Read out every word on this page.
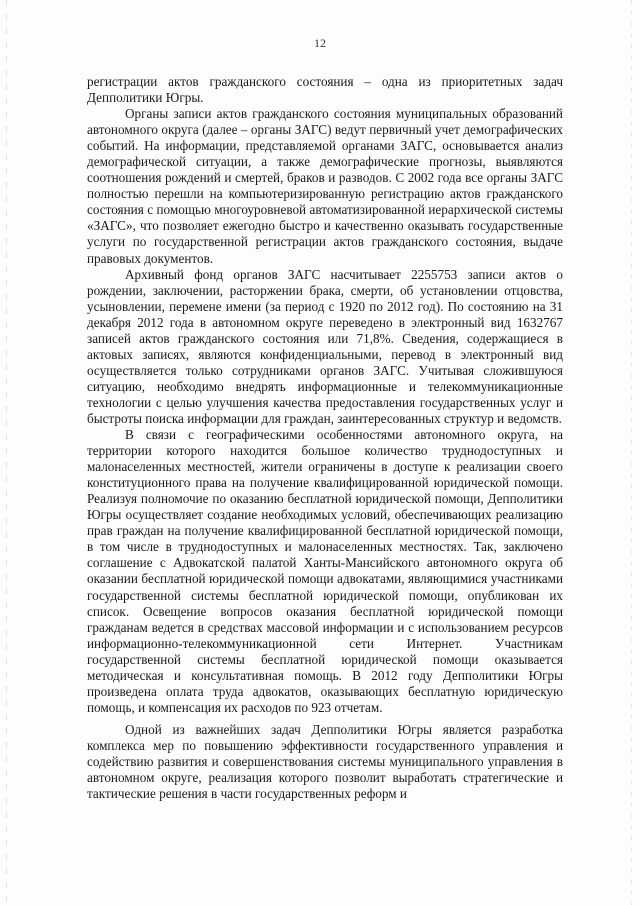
12

регистрации актов гражданского состояния – одна из приоритетных задач Депполитики Югры.

Органы записи актов гражданского состояния муниципальных образований автономного округа (далее – органы ЗАГС) ведут первичный учет демографических событий. На информации, представляемой органами ЗАГС, основывается анализ демографической ситуации, а также демографические прогнозы, выявляются соотношения рождений и смертей, браков и разводов. С 2002 года все органы ЗАГС полностью перешли на компьютеризированную регистрацию актов гражданского состояния с помощью многоуровневой автоматизированной иерархической системы «ЗАГС», что позволяет ежегодно быстро и качественно оказывать государственные услуги по государственной регистрации актов гражданского состояния, выдаче правовых документов.

Архивный фонд органов ЗАГС насчитывает 2255753 записи актов о рождении, заключении, расторжении брака, смерти, об установлении отцовства, усыновлении, перемене имени (за период с 1920 по 2012 год). По состоянию на 31 декабря 2012 года в автономном округе переведено в электронный вид 1632767 записей актов гражданского состояния или 71,8%. Сведения, содержащиеся в актовых записях, являются конфиденциальными, перевод в электронный вид осуществляется только сотрудниками органов ЗАГС. Учитывая сложившуюся ситуацию, необходимо внедрять информационные и телекоммуникационные технологии с целью улучшения качества предоставления государственных услуг и быстроты поиска информации для граждан, заинтересованных структур и ведомств.

В связи с географическими особенностями автономного округа, на территории которого находится большое количество труднодоступных и малонаселенных местностей, жители ограничены в доступе к реализации своего конституционного права на получение квалифицированной юридической помощи. Реализуя полномочие по оказанию бесплатной юридической помощи, Депполитики Югры осуществляет создание необходимых условий, обеспечивающих реализацию прав граждан на получение квалифицированной бесплатной юридической помощи, в том числе в труднодоступных и малонаселенных местностях. Так, заключено соглашение с Адвокатской палатой Ханты-Мансийского автономного округа об оказании бесплатной юридической помощи адвокатами, являющимися участниками государственной системы бесплатной юридической помощи, опубликован их список. Освещение вопросов оказания бесплатной юридической помощи гражданам ведется в средствах массовой информации и с использованием ресурсов информационно-телекоммуникационной сети Интернет. Участникам государственной системы бесплатной юридической помощи оказывается методическая и консультативная помощь. В 2012 году Депполитики Югры произведена оплата труда адвокатов, оказывающих бесплатную юридическую помощь, и компенсация их расходов по 923 отчетам.

Одной из важнейших задач Депполитики Югры является разработка комплекса мер по повышению эффективности государственного управления и содействию развития и совершенствования системы муниципального управления в автономном округе, реализация которого позволит выработать стратегические и тактические решения в части государственных реформ и
